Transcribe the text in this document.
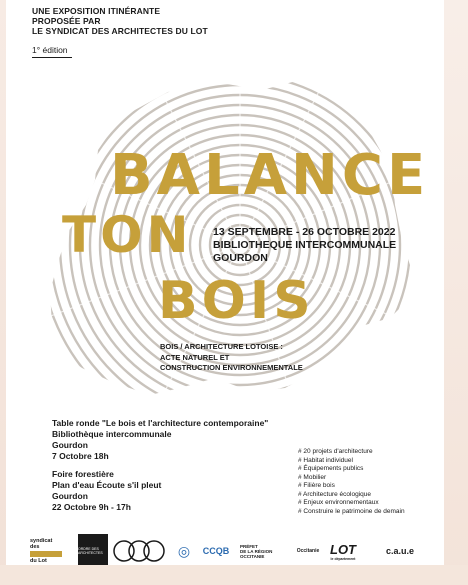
UNE EXPOSITION ITINÉRANTE
PROPOSÉE PAR
LE SYNDICAT DES ARCHITECTES DU LOT
1° édition
BALANCE
TON
BOIS
13 SEPTEMBRE - 26 OCTOBRE 2022
BIBLIOTHEQUE INTERCOMMUNALE
GOURDON
BOIS / ARCHITECTURE LOTOISE :
ACTE NATUREL ET
CONSTRUCTION ENVIRONNEMENTALE
Table ronde "Le bois et l'architecture contemporaine"
Bibliothèque intercommunale
Gourdon
7 Octobre 18h
Foire forestière
Plan d'eau Écoute s'il pleut
Gourdon
22 Octobre 9h - 17h
# 20 projets d'architecture
# Habitat individuel
# Équipements publics
# Mobilier
# Filière bois
# Architecture écologique
# Enjeux environnementaux
# Construire le patrimoine de demain
syndicat
des
du Lot
ORDRE DES ARCHITECTES	◎	CCQB	PRÉFET
DE LA RÉGION
OCCITANIE
Occitanie LOT
le département
c.a.u.e
